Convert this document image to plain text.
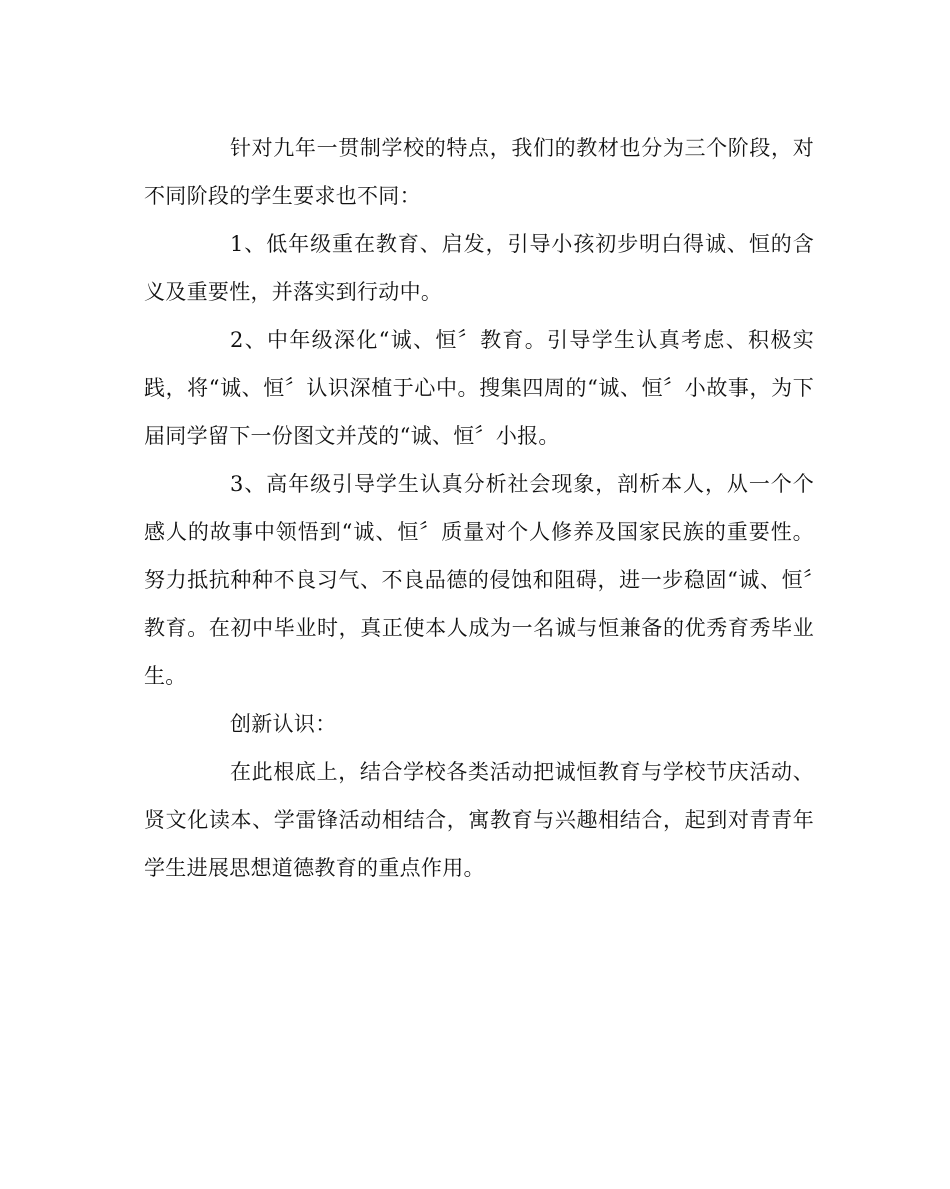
针对九年一贯制学校的特点，我们的教材也分为三个阶段，对不同阶段的学生要求也不同：

1、低年级重在教育、启发，引导小孩初步明白得诚、恒的含义及重要性，并落实到行动中。

2、中年级深化“诚、恒〞教育。引导学生认真考虑、积极实践，将“诚、恒〞认识深植于心中。搜集四周的“诚、恒〞小故事，为下届同学留下一份图文并茂的“诚、恒〞小报。

3、高年级引导学生认真分析社会现象，剖析本人，从一个个感人的故事中领悟到“诚、恒〞质量对个人修养及国家民族的重要性。努力抵抗种种不良习气、不良品德的侵蚀和阻碍，进一步稳固“诚、恒〞教育。在初中毕业时，真正使本人成为一名诚与恒兼备的优秀育秀毕业生。

创新认识：

在此根底上，结合学校各类活动把诚恒教育与学校节庆活动、贤文化读本、学雷锋活动相结合，寓教育与兴趣相结合，起到对青青年学生进展思想道德教育的重点作用。
